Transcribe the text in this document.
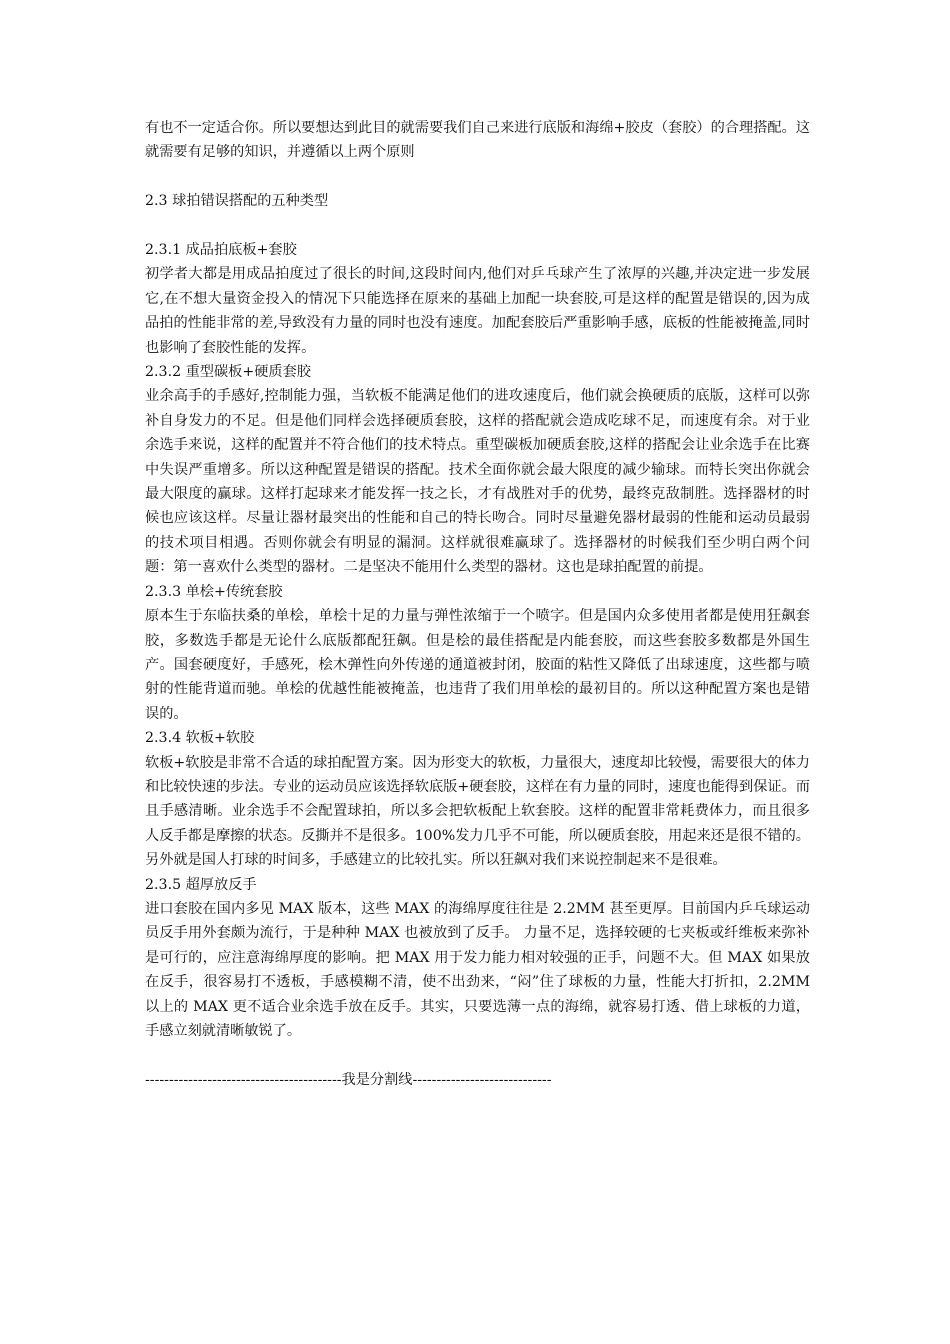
有也不一定适合你。所以要想达到此目的就需要我们自己来进行底版和海绵+胶皮（套胶）的合理搭配。这就需要有足够的知识，并遵循以上两个原则

2.3 球拍错误搭配的五种类型

2.3.1 成品拍底板+套胶

初学者大都是用成品拍度过了很长的时间,这段时间内,他们对乒乓球产生了浓厚的兴趣,并决定进一步发展它,在不想大量资金投入的情况下只能选择在原来的基础上加配一块套胶,可是这样的配置是错误的,因为成品拍的性能非常的差,导致没有力量的同时也没有速度。加配套胶后严重影响手感，底板的性能被掩盖,同时也影响了套胶性能的发挥。

2.3.2 重型碳板+硬质套胶

业余高手的手感好,控制能力强，当软板不能满足他们的进攻速度后，他们就会换硬质的底版，这样可以弥补自身发力的不足。但是他们同样会选择硬质套胶，这样的搭配就会造成吃球不足，而速度有余。对于业余选手来说，这样的配置并不符合他们的技术特点。重型碳板加硬质套胶,这样的搭配会让业余选手在比赛中失误严重增多。所以这种配置是错误的搭配。技术全面你就会最大限度的减少输球。而特长突出你就会最大限度的赢球。这样打起球来才能发挥一技之长，才有战胜对手的优势，最终克敌制胜。选择器材的时候也应该这样。尽量让器材最突出的性能和自己的特长吻合。同时尽量避免器材最弱的性能和运动员最弱的技术项目相遇。否则你就会有明显的漏洞。这样就很难赢球了。选择器材的时候我们至少明白两个问题：第一喜欢什么类型的器材。二是坚决不能用什么类型的器材。这也是球拍配置的前提。

2.3.3 单桧+传统套胶

原本生于东临扶桑的单桧，单桧十足的力量与弹性浓缩于一个喷字。但是国内众多使用者都是使用狂飙套胶，多数选手都是无论什么底版都配狂飙。但是桧的最佳搭配是内能套胶，而这些套胶多数都是外国生产。国套硬度好，手感死，桧木弹性向外传递的通道被封闭，胶面的粘性又降低了出球速度，这些都与喷射的性能背道而驰。单桧的优越性能被掩盖，也违背了我们用单桧的最初目的。所以这种配置方案也是错误的。

2.3.4 软板+软胶

软板+软胶是非常不合适的球拍配置方案。因为形变大的软板，力量很大，速度却比较慢，需要很大的体力和比较快速的步法。专业的运动员应该选择软底版+硬套胶，这样在有力量的同时，速度也能得到保证。而且手感清晰。业余选手不会配置球拍，所以多会把软板配上软套胶。这样的配置非常耗费体力，而且很多人反手都是摩擦的状态。反撕并不是很多。100%发力几乎不可能，所以硬质套胶，用起来还是很不错的。另外就是国人打球的时间多，手感建立的比较扎实。所以狂飙对我们来说控制起来不是很难。

2.3.5 超厚放反手

进口套胶在国内多见 MAX 版本，这些 MAX 的海绵厚度往往是 2.2MM 甚至更厚。目前国内乒乓球运动员反手用外套颇为流行，于是种种 MAX 也被放到了反手。 力量不足，选择较硬的七夹板或纤维板来弥补是可行的，应注意海绵厚度的影响。把 MAX 用于发力能力相对较强的正手，问题不大。但 MAX 如果放在反手，很容易打不透板，手感模糊不清，使不出劲来，“闷”住了球板的力量，性能大打折扣，2.2MM 以上的 MAX 更不适合业余选手放在反手。其实，只要选薄一点的海绵，就容易打透、借上球板的力道，手感立刻就清晰敏锐了。

-----------------------------------------我是分割线-----------------------------
